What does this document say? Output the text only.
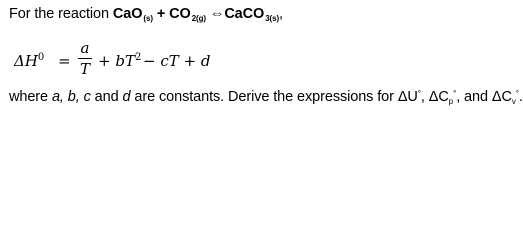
For the reaction $CaO_{(s)} + CO_{2(g)}$ ⇔CaCO$_{3(s)}$,
$\Delta H^0$ =
a
$T + bT^2$ − cT + d
where a, b, c and d are constants. Derive the expressions for ΔU°, $\Delta C_p^\circ$, and $\Delta C_v^\circ$.
